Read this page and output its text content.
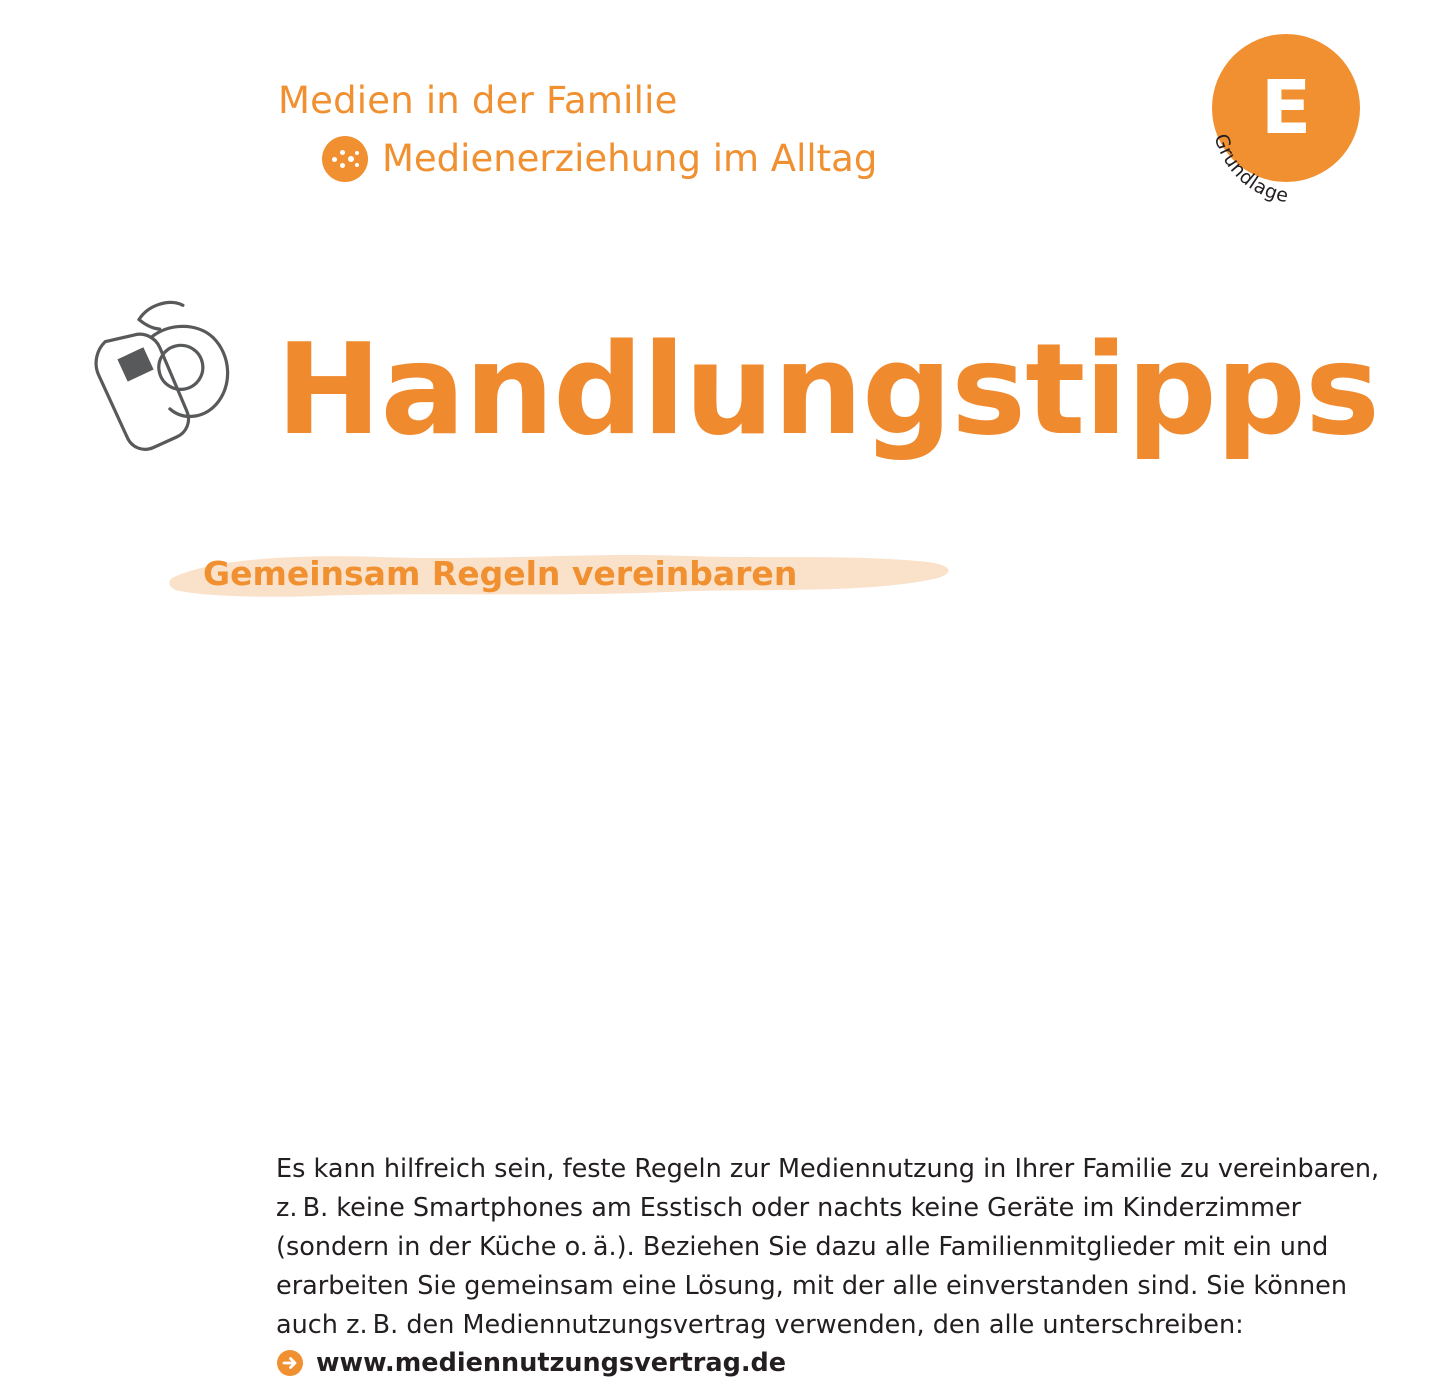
Medien in der Familie
Medienerziehung im Alltag
E
Grundlage
Handlungstipps
Gemeinsam Regeln vereinbaren

Es kann hilfreich sein, feste Regeln zur Mediennutzung in Ihrer Familie zu vereinbaren, z. B. keine Smartphones am Esstisch oder nachts keine Geräte im Kinderzimmer (sondern in der Küche o. ä.). Beziehen Sie dazu alle Familienmitglieder mit ein und erarbeiten Sie gemeinsam eine Lösung, mit der alle einverstanden sind. Sie können auch z. B. den Mediennutzungsvertrag verwenden, den alle unterschreiben:

www.mediennutzungsvertrag.de
